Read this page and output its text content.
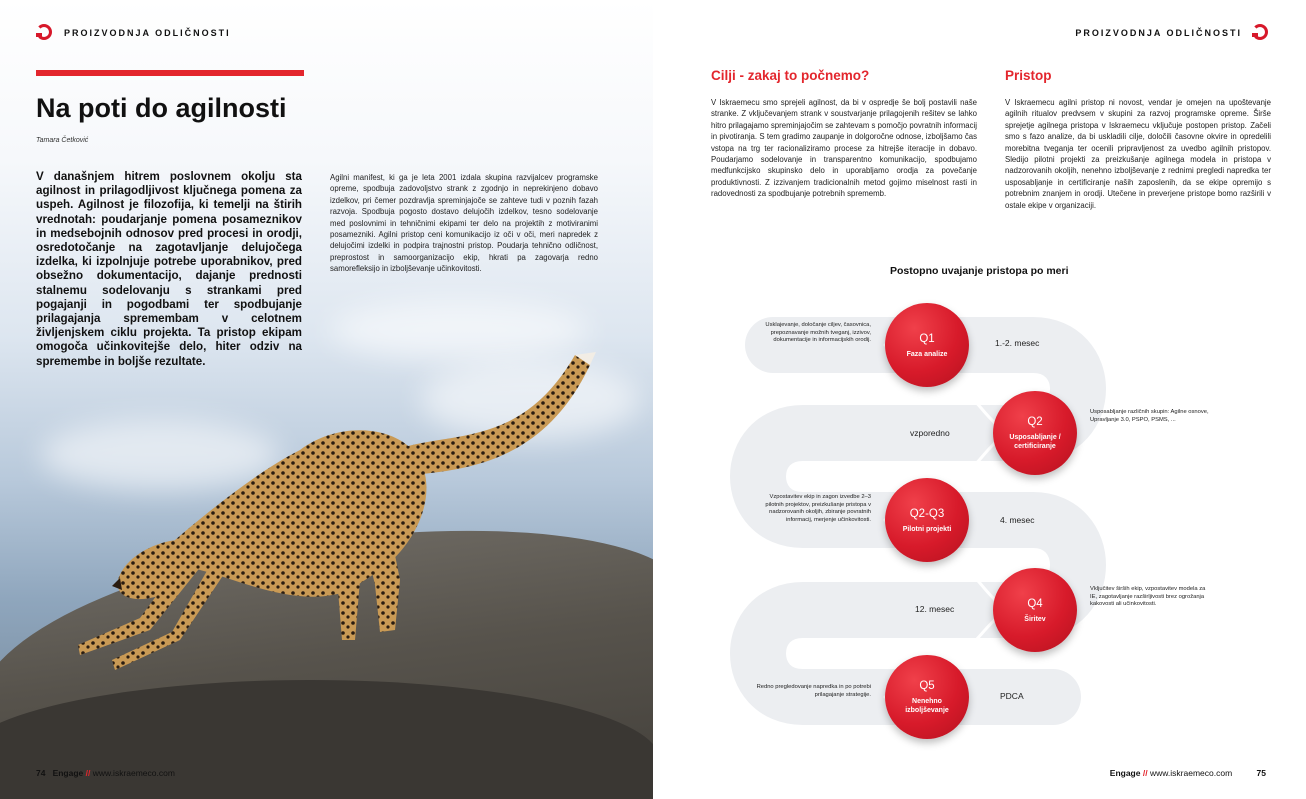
PROIZVODNJA ODLIČNOSTI
Na poti do agilnosti
Tamara Četković

V današnjem hitrem poslovnem okolju sta agilnost in prilagodljivost ključnega pomena za uspeh. Agilnost je filozofija, ki temelji na štirih vrednotah: poudarjanje pomena posameznikov in medsebojnih odnosov pred procesi in orodji, osredotočanje na zagotavljanje delujočega izdelka, ki izpolnjuje potrebe uporabnikov, pred obsežno dokumentacijo, dajanje prednosti stalnemu sodelovanju s strankami pred pogajanji in pogodbami ter spodbujanje prilagajanja spremembam v celotnem življenjskem ciklu projekta. Ta pristop ekipam omogoča učinkovitejše delo, hiter odziv na spremembe in boljše rezultate.

Agilni manifest, ki ga je leta 2001 izdala skupina razvijalcev programske opreme, spodbuja zadovoljstvo strank z zgodnjo in neprekinjeno dobavo izdelkov, pri čemer pozdravlja spreminjajoče se zahteve tudi v poznih fazah razvoja. Spodbuja pogosto dostavo delujočih izdelkov, tesno sodelovanje med poslovnimi in tehničnimi ekipami ter delo na projektih z motiviranimi posamezniki. Agilni pristop ceni komunikacijo iz oči v oči, meri napredek z delujočimi izdelki in podpira trajnostni pristop. Poudarja tehnično odličnost, preprostost in samoorganizacijo ekip, hkrati pa zagovarja redno samorefleksijo in izboljševanje učinkovitosti.

74 Engage // www.iskraemeco.com
PROIZVODNJA ODLIČNOSTI
Cilji - zakaj to počnemo?

V Iskraemecu smo sprejeli agilnost, da bi v ospredje še bolj postavili naše stranke. Z vključevanjem strank v soustvarjanje prilagojenih rešitev se lahko hitro prilagajamo spreminjajočim se zahtevam s pomočjo povratnih informacij in pivotiranja. S tem gradimo zaupanje in dolgoročne odnose, izboljšamo čas vstopa na trg ter racionaliziramo procese za hitrejše iteracije in dobavo. Poudarjamo sodelovanje in transparentno komunikacijo, spodbujamo medfunkcijsko skupinsko delo in uporabljamo orodja za povečanje produktivnosti. Z izzivanjem tradicionalnih metod gojimo miselnost rasti in radovednosti za spodbujanje potrebnih sprememb.

Pristop

V Iskraemecu agilni pristop ni novost, vendar je omejen na upoštevanje agilnih ritualov predvsem v skupini za razvoj programske opreme. Širše sprejetje agilnega pristopa v Iskraemecu vključuje postopen pristop. Začeli smo s fazo analize, da bi uskladili cilje, določili časovne okvire in opredelili morebitna tveganja ter ocenili pripravljenost za uvedbo agilnih pristopov. Sledijo pilotni projekti za preizkušanje agilnega modela in pristopa v nadzorovanih okoljih, nenehno izboljševanje z rednimi pregledi napredka ter usposabljanje in certificiranje naših zaposlenih, da se ekipe opremijo s potrebnim znanjem in orodji. Utečene in preverjene pristope bomo razširili v ostale ekipe v organizaciji.

Postopno uvajanje pristopa po meri
Q1
Faza analize
1.-2. mesec
Usklajevanje, določanje ciljev, časovnica, prepoznavanje možnih tveganj, izzivov, dokumentacije in informacijskih orodij.
Q2
Usposabljanje / certificiranje
vzporedno
Usposabljanje različnih skupin: Agilne osnove, Upravljanje 3.0, PSPO, PSMS, ...
Q2-Q3
Pilotni projekti
4. mesec
Vzpostavitev ekip in zagon izvedbe 2–3 pilotnih projektov, preizkušanje pristopa v nadzorovanih okoljih, zbiranje povratnih informacij, merjenje učinkovitosti.
Q4
Širitev
12. mesec
Vključitev širših ekip, vzpostavitev modela za IE, zagotavljanje razširljivosti brez ogrožanja kakovosti ali učinkovitosti.
Q5
Nenehno izboljševanje
PDCA
Redno pregledovanje napredka in po potrebi prilagajanje strategije.
Engage // www.iskraemeco.com	75
